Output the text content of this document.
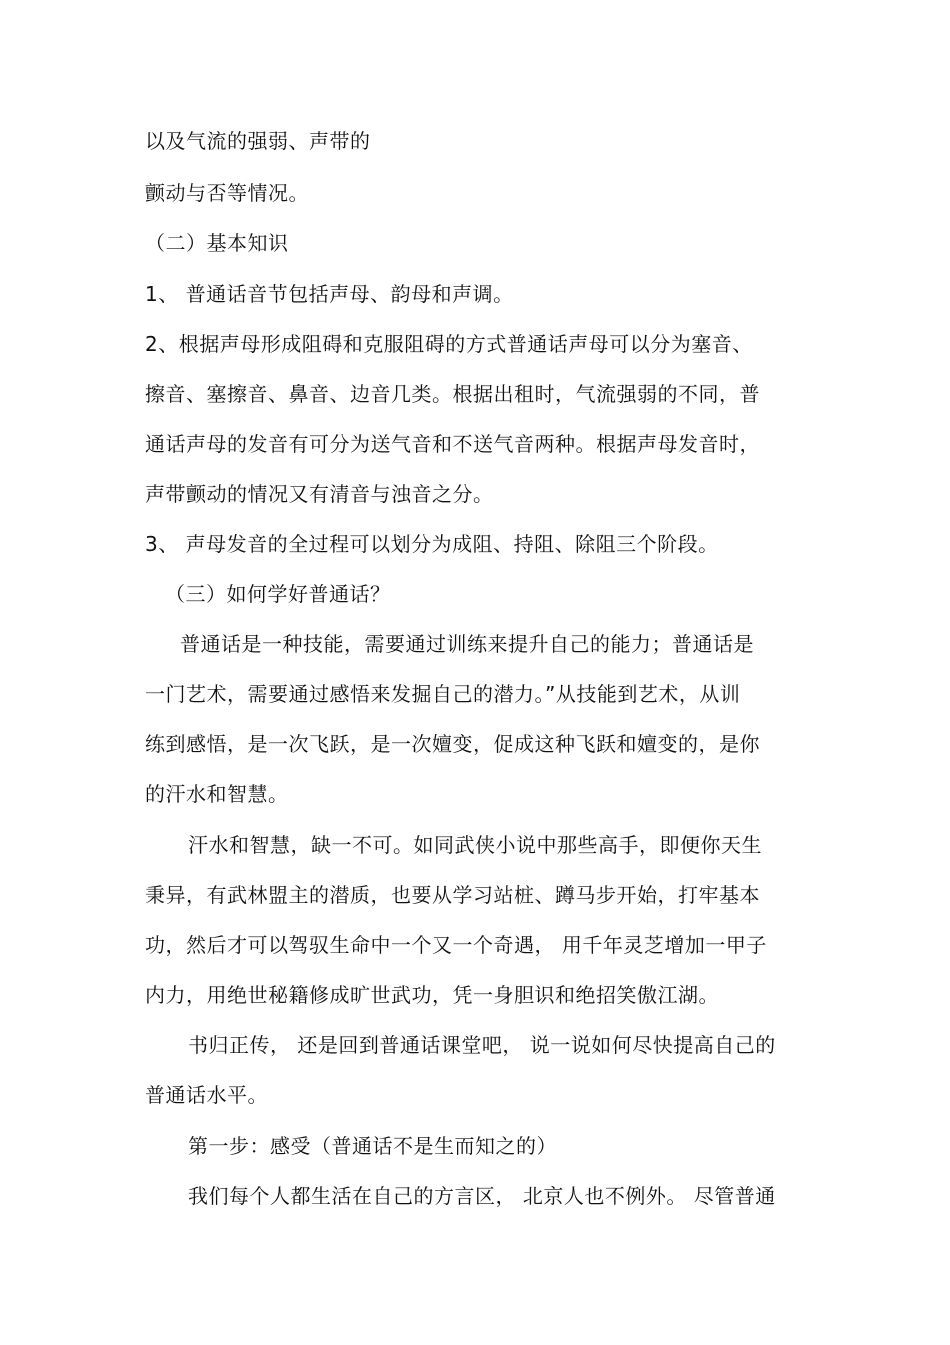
以及气流的强弱、声带的
颤动与否等情况。
（二）基本知识
1、 普通话音节包括声母、韵母和声调。
2、根据声母形成阻碍和克服阻碍的方式普通话声母可以分为塞音、
擦音、塞擦音、鼻音、边音几类。根据出租时，气流强弱的不同，普
通话声母的发音有可分为送气音和不送气音两种。根据声母发音时，
声带颤动的情况又有清音与浊音之分。
3、 声母发音的全过程可以划分为成阻、持阻、除阻三个阶段。
（三）如何学好普通话？
普通话是一种技能，需要通过训练来提升自己的能力；普通话是
一门艺术，需要通过感悟来发掘自己的潜力。”从技能到艺术，从训
练到感悟，是一次飞跃，是一次嬗变，促成这种飞跃和嬗变的，是你
的汗水和智慧。
汗水和智慧，缺一不可。如同武侠小说中那些高手，即便你天生
秉异，有武林盟主的潜质，也要从学习站桩、蹲马步开始，打牢基本
功，然后才可以驾驭生命中一个又一个奇遇， 用千年灵芝增加一甲子
内力，用绝世秘籍修成旷世武功，凭一身胆识和绝招笑傲江湖。
书归正传， 还是回到普通话课堂吧， 说一说如何尽快提高自己的
普通话水平。
第一步：感受（普通话不是生而知之的）
我们每个人都生活在自己的方言区， 北京人也不例外。 尽管普通
